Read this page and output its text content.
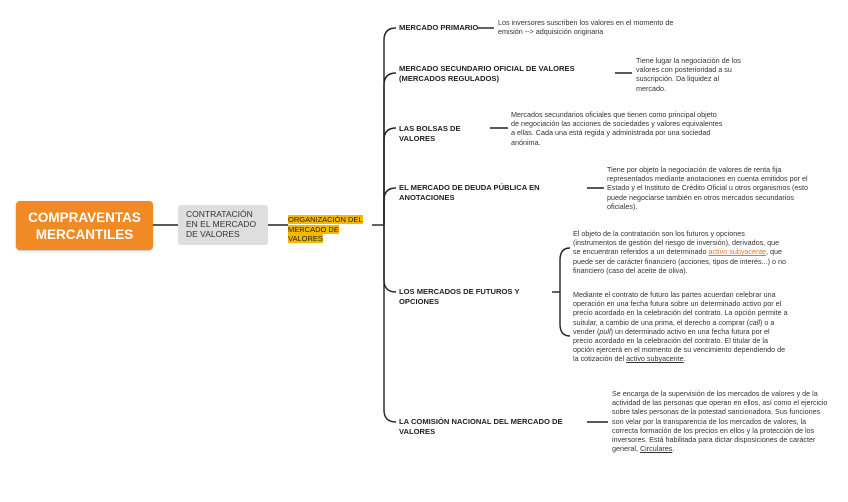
COMPRAVENTAS MERCANTILES
CONTRATACIÓN EN EL MERCADO DE VALORES
ORGANIZACIÓN DEL MERCADO DE VALORES
MERCADO PRIMARIO
Los inversores suscriben los valores en el momento de emisión --> adquisición originaria
MERCADO SECUNDARIO OFICIAL DE VALORES (MERCADOS REGULADOS)
Tiene lugar la negociación de los valores con posterioridad a su suscripción. Da liquidez al mercado.
LAS BOLSAS DE VALORES
Mercados secundarios oficiales que tienen como principal objeto de negociación las acciones de sociedades y valores equivalentes a ellas. Cada una está regida y administrada por una sociedad anónima.
EL MERCADO DE DEUDA PÚBLICA EN ANOTACIONES
Tiene por objeto la negociación de valores de renta fija representados mediante anotaciones en cuenta emitidos por el Estado y el Instituto de Crédito Oficial u otros organismos (esto puede negociarse también en otros mercados secundarios oficiales).
LOS MERCADOS DE FUTUROS Y OPCIONES
El objeto de la contratación son los futuros y opciones (instrumentos de gestión del riesgo de inversión), derivados, que se encuentran referidos a un determinado activo subyacente, que puede ser de carácter financiero (acciones, tipos de interés...) o no financiero (caso del aceite de oliva).
Mediante el contrato de futuro las partes acuerdan celebrar una operación en una fecha futura sobre un determinado activo por el precio acordado en la celebración del contrato. La opción permite a suitular, a cambio de una prima, el derecho a comprar (call) o a vender (pull) un determinado activo en una fecha futura por el precio acordado en la celebración del contrato. El titular de la opción ejercerá en el momento de su vencimiento dependiendo de la cotización del activo subyacente.
LA COMISIÓN NACIONAL DEL MERCADO DE VALORES
Se encarga de la supervisión de los mercados de valores y de la actividad de las personas que operan en ellos, así como el ejercicio sobre tales personas de la potestad sancionadora. Sus funciones son velar por la transparencia de los mercados de valores, la correcta formación de los precios en ellos y la protección de los inversores. Está habilitada para dictar disposiciones de carácter general, Circulares.
